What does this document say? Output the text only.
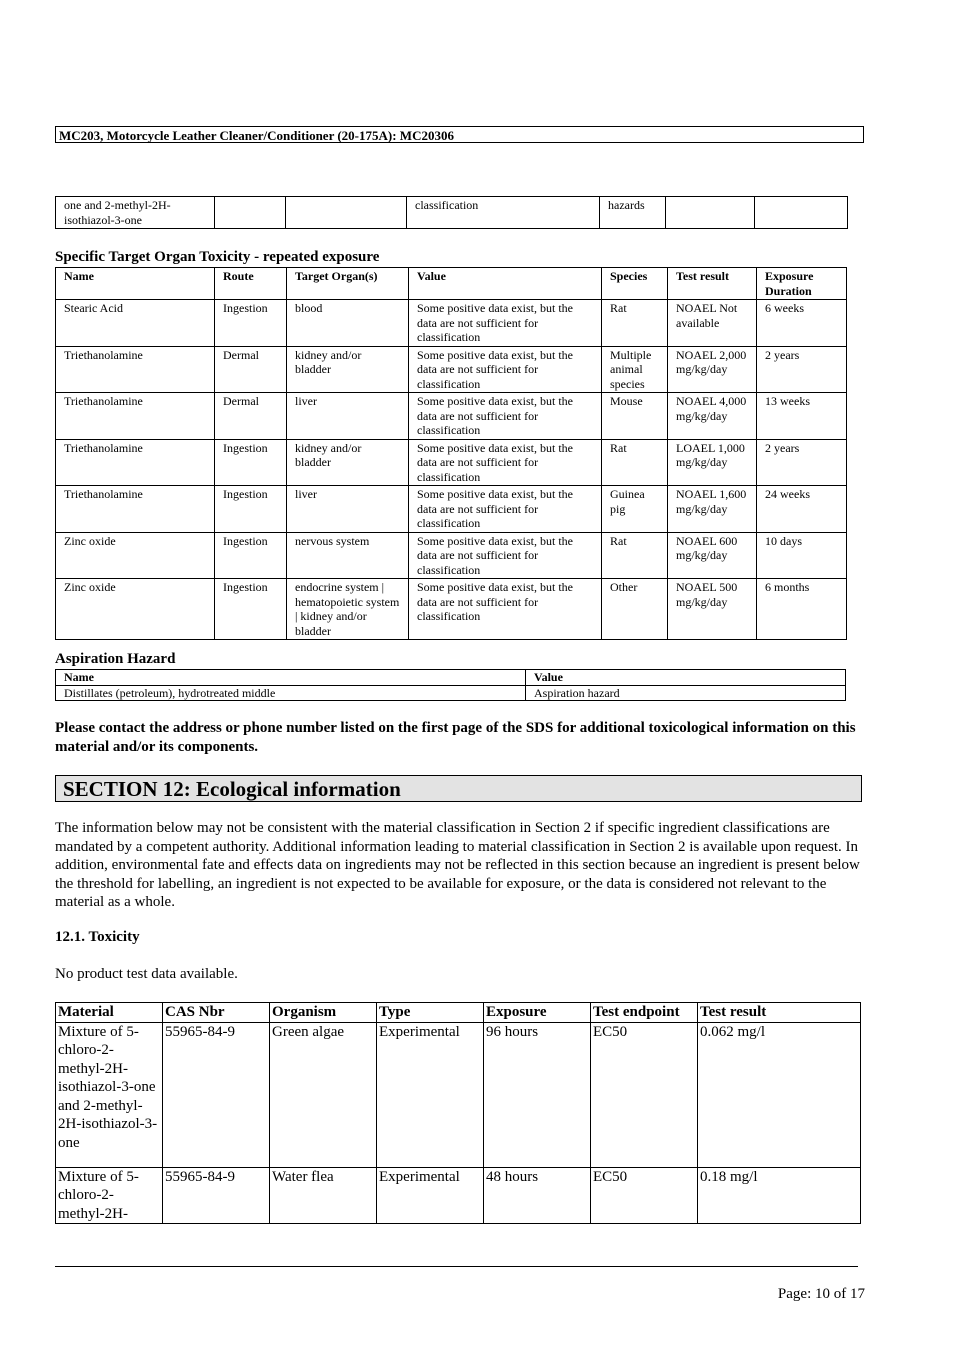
MC203, Motorcycle Leather Cleaner/Conditioner (20-175A): MC20306
one and 2-methyl-2H-isothiazol-3-one			classification	hazards		
Specific Target Organ Toxicity - repeated exposure
Name	Route	Target Organ(s)	Value	Species	Test result	Exposure Duration
Stearic Acid	Ingestion	blood	Some positive data exist, but the data are not sufficient for classification	Rat	NOAEL Not available	6 weeks
Triethanolamine	Dermal	kidney and/or bladder	Some positive data exist, but the data are not sufficient for classification	Multiple animal species	NOAEL 2,000 mg/kg/day	2 years
Triethanolamine	Dermal	liver	Some positive data exist, but the data are not sufficient for classification	Mouse	NOAEL 4,000 mg/kg/day	13 weeks
Triethanolamine	Ingestion	kidney and/or bladder	Some positive data exist, but the data are not sufficient for classification	Rat	LOAEL 1,000 mg/kg/day	2 years
Triethanolamine	Ingestion	liver	Some positive data exist, but the data are not sufficient for classification	Guinea pig	NOAEL 1,600 mg/kg/day	24 weeks
Zinc oxide	Ingestion	nervous system	Some positive data exist, but the data are not sufficient for classification	Rat	NOAEL 600 mg/kg/day	10 days
Zinc oxide	Ingestion	endocrine system | hematopoietic system | kidney and/or bladder	Some positive data exist, but the data are not sufficient for classification	Other	NOAEL 500 mg/kg/day	6 months
Aspiration Hazard
Name	Value
Distillates (petroleum), hydrotreated middle	Aspiration hazard
Please contact the address or phone number listed on the first page of the SDS for additional toxicological information on this material and/or its components.
SECTION 12: Ecological information
The information below may not be consistent with the material classification in Section 2 if specific ingredient classifications are mandated by a competent authority. Additional information leading to material classification in Section 2 is available upon request. In addition, environmental fate and effects data on ingredients may not be reflected in this section because an ingredient is present below the threshold for labelling, an ingredient is not expected to be available for exposure, or the data is considered not relevant to the material as a whole.
12.1. Toxicity
No product test data available.
Material	CAS Nbr	Organism	Type	Exposure	Test endpoint	Test result
Mixture of 5-chloro-2-methyl-2H-isothiazol-3-one and 2-methyl-2H-isothiazol-3-one	55965-84-9	Green algae	Experimental	96 hours	EC50	0.062 mg/l
Mixture of 5-chloro-2-methyl-2H-	55965-84-9	Water flea	Experimental	48 hours	EC50	0.18 mg/l
Page: 10 of 17
